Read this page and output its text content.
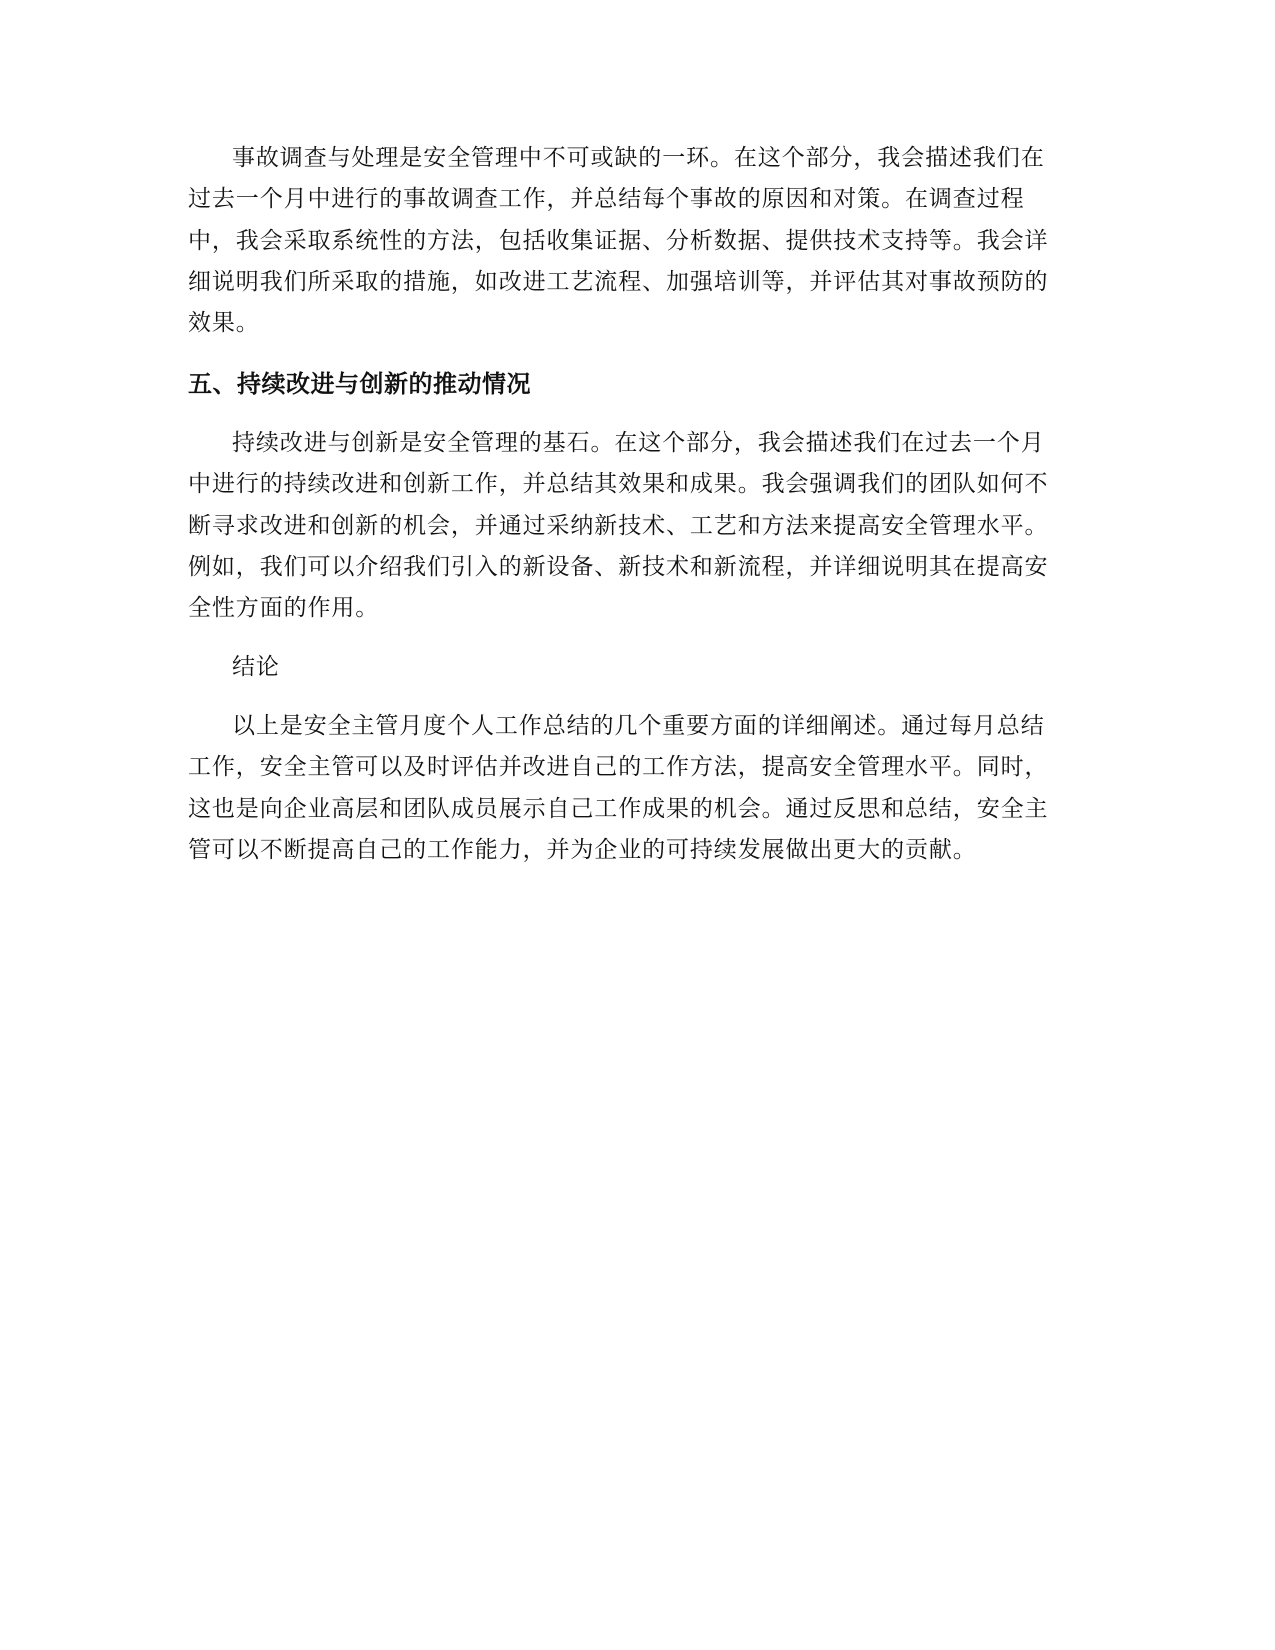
事故调查与处理是安全管理中不可或缺的一环。在这个部分，我会描述我们在
过去一个月中进行的事故调查工作，并总结每个事故的原因和对策。在调查过程
中，我会采取系统性的方法，包括收集证据、分析数据、提供技术支持等。我会详
细说明我们所采取的措施，如改进工艺流程、加强培训等，并评估其对事故预防的
效果。
五、持续改进与创新的推动情况
持续改进与创新是安全管理的基石。在这个部分，我会描述我们在过去一个月
中进行的持续改进和创新工作，并总结其效果和成果。我会强调我们的团队如何不
断寻求改进和创新的机会，并通过采纳新技术、工艺和方法来提高安全管理水平。
例如，我们可以介绍我们引入的新设备、新技术和新流程，并详细说明其在提高安
全性方面的作用。
结论
以上是安全主管月度个人工作总结的几个重要方面的详细阐述。通过每月总结
工作，安全主管可以及时评估并改进自己的工作方法，提高安全管理水平。同时，
这也是向企业高层和团队成员展示自己工作成果的机会。通过反思和总结，安全主
管可以不断提高自己的工作能力，并为企业的可持续发展做出更大的贡献。
